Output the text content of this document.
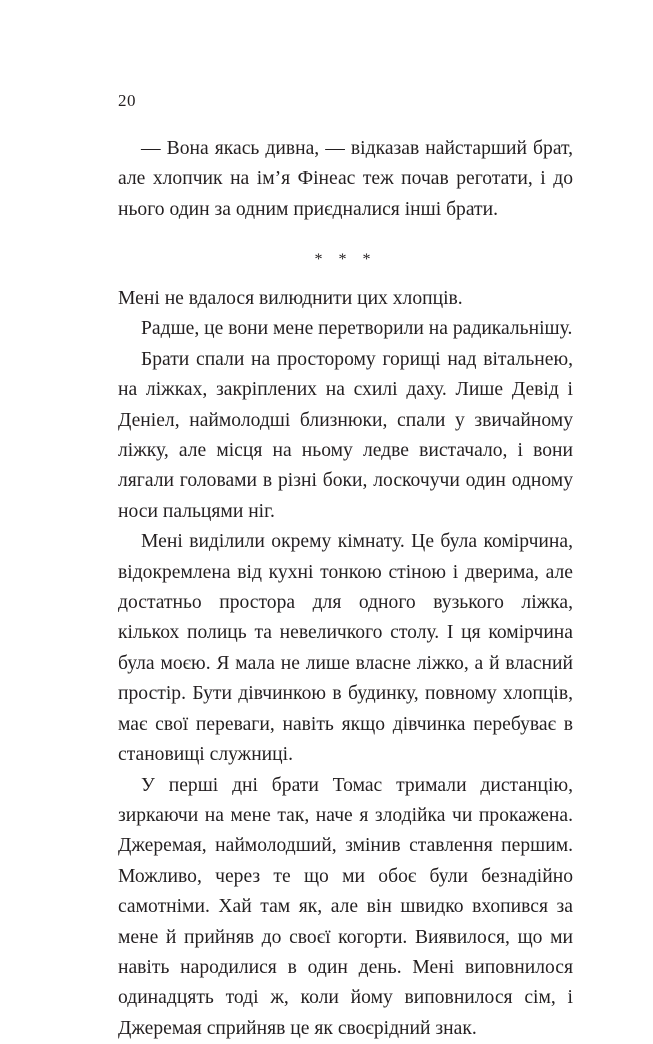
20

— Вона якась дивна, — відказав найстарший брат, але хлопчик на ім’я Фінеас теж почав реготати, і до нього один за одним приєдналися інші брати.

* * *

Мені не вдалося вилюднити цих хлопців.

Радше, це вони мене перетворили на радикальнішу.

Брати спали на просторому горищі над вітальнею, на ліжках, закріплених на схилі даху. Лише Девід і Деніел, наймолодші близнюки, спали у звичайному ліжку, але місця на ньому ледве вистачало, і вони лягали головами в різні боки, лоскочучи один одному носи пальцями ніг.

Мені виділили окрему кімнату. Це була комірчина, відокремлена від кухні тонкою стіною і дверима, але достатньо простора для одного вузького ліжка, кількох полиць та невеличкого столу. І ця комірчина була моєю. Я мала не лише власне ліжко, а й власний простір. Бути дівчинкою в будинку, повному хлопців, має свої переваги, навіть якщо дівчинка перебуває в становищі служниці.

У перші дні брати Томас тримали дистанцію, зиркаючи на мене так, наче я злодійка чи прокажена. Джеремая, наймолодший, змінив ставлення першим. Можливо, через те що ми обоє були безнадійно самотніми. Хай там як, але він швидко вхопився за мене й прийняв до своєї когорти. Виявилося, що ми навіть народилися в один день. Мені виповнилося одинадцять тоді ж, коли йому виповнилося сім, і Джеремая сприйняв це як своєрідний знак.
